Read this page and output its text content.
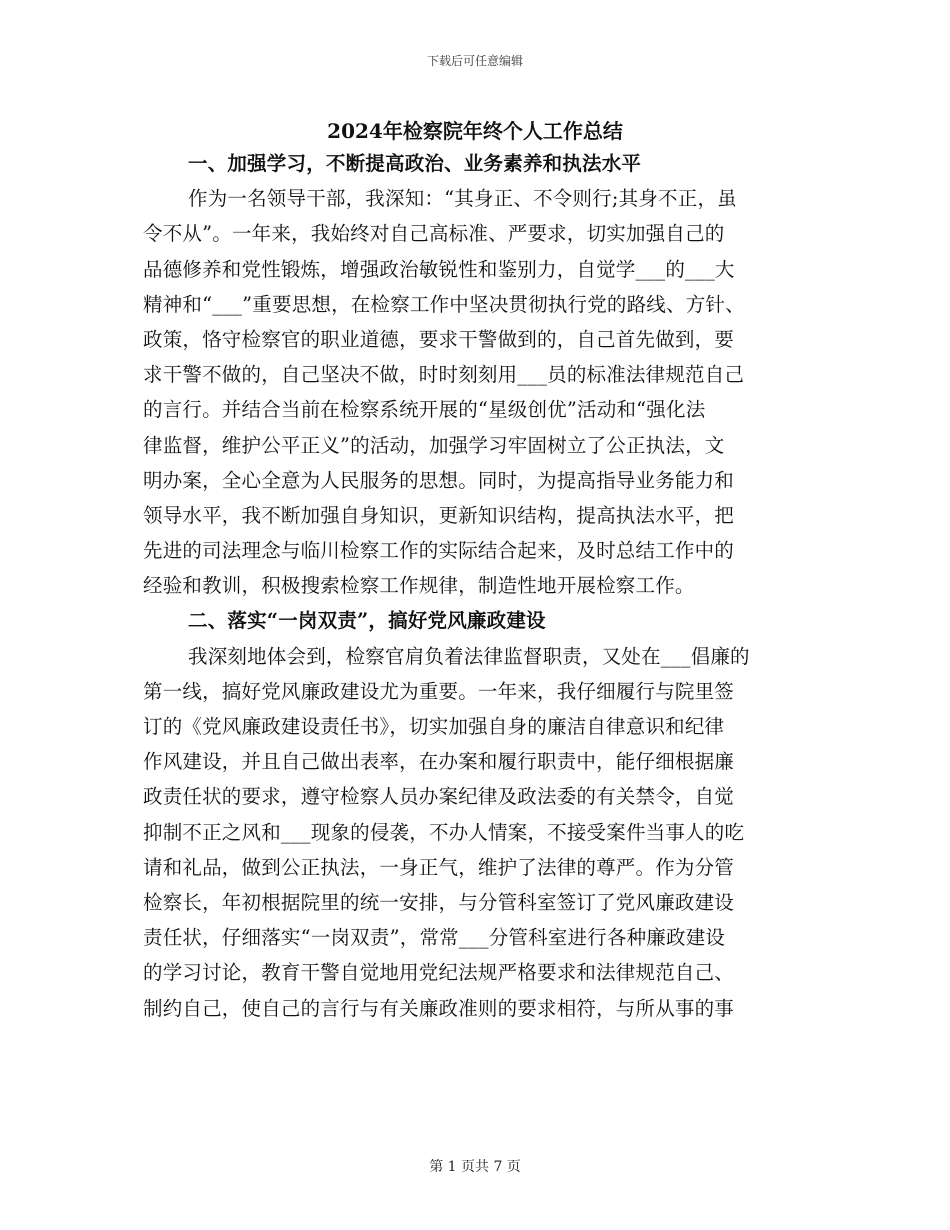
下载后可任意编辑
2024年检察院年终个人工作总结
一、加强学习，不断提高政治、业务素养和执法水平
作为一名领导干部，我深知：“其身正、不令则行;其身不正，虽
令不从”。一年来，我始终对自己高标准、严要求，切实加强自己的
品德修养和党性锻炼，增强政治敏锐性和鉴别力，自觉学___的___大
精神和“___”重要思想，在检察工作中坚决贯彻执行党的路线、方针、
政策，恪守检察官的职业道德，要求干警做到的，自己首先做到，要
求干警不做的，自己坚决不做，时时刻刻用___员的标准法律规范自己
的言行。并结合当前在检察系统开展的“星级创优”活动和“强化法
律监督，维护公平正义”的活动，加强学习牢固树立了公正执法，文
明办案，全心全意为人民服务的思想。同时，为提高指导业务能力和
领导水平，我不断加强自身知识，更新知识结构，提高执法水平，把
先进的司法理念与临川检察工作的实际结合起来，及时总结工作中的
经验和教训，积极搜索检察工作规律，制造性地开展检察工作。
二、落实“一岗双责”，搞好党风廉政建设
我深刻地体会到，检察官肩负着法律监督职责，又处在___倡廉的
第一线，搞好党风廉政建设尤为重要。一年来，我仔细履行与院里签
订的《党风廉政建设责任书》，切实加强自身的廉洁自律意识和纪律
作风建设，并且自己做出表率，在办案和履行职责中，能仔细根据廉
政责任状的要求，遵守检察人员办案纪律及政法委的有关禁令，自觉
抑制不正之风和___现象的侵袭，不办人情案，不接受案件当事人的吃
请和礼品，做到公正执法，一身正气，维护了法律的尊严。作为分管
检察长，年初根据院里的统一安排，与分管科室签订了党风廉政建设
责任状，仔细落实“一岗双责”，常常___分管科室进行各种廉政建设
的学习讨论，教育干警自觉地用党纪法规严格要求和法律规范自己、
制约自己，使自己的言行与有关廉政准则的要求相符，与所从事的事
第 1 页共 7 页
